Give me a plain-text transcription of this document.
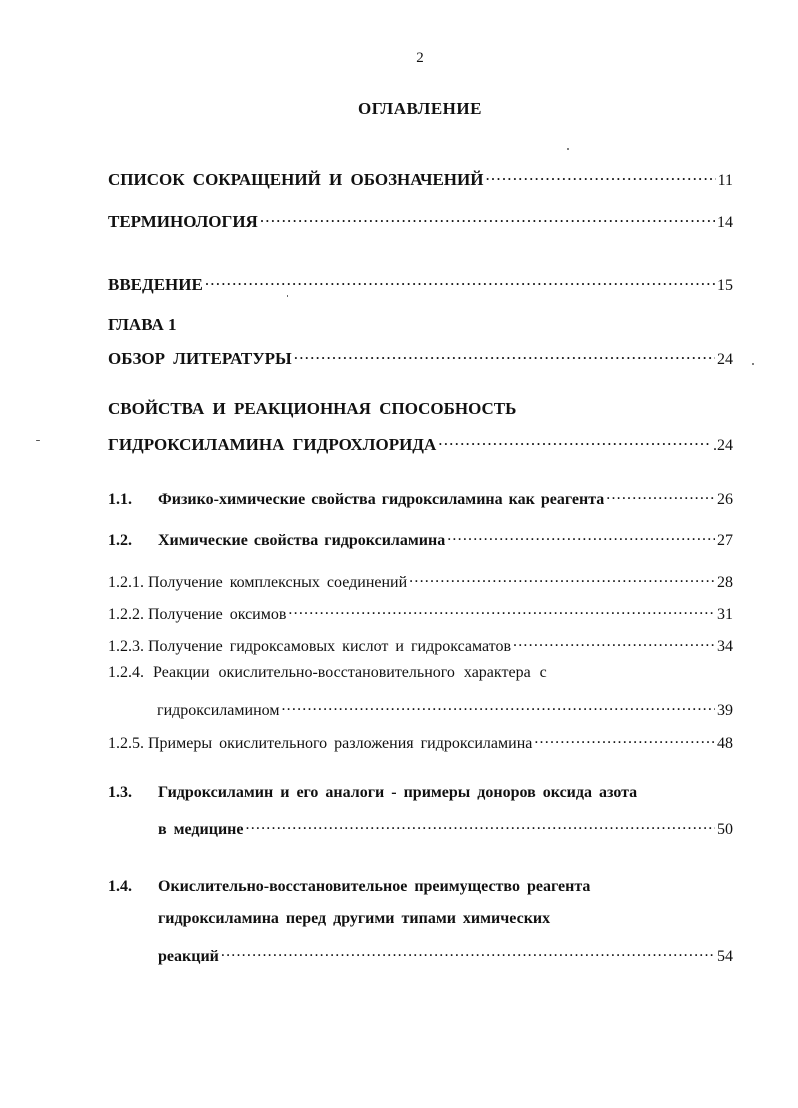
2
ОГЛАВЛЕНИЕ
СПИСОК СОКРАЩЕНИЙ И ОБОЗНАЧЕНИЙ .....	11
ТЕРМИНОЛОГИЯ .....	14
ВВЕДЕНИЕ .....	15
ГЛАВА 1
ОБЗОР ЛИТЕРАТУРЫ .....	24
СВОЙСТВА И РЕАКЦИОННАЯ СПОСОБНОСТЬ
ГИДРОКСИЛАМИНА ГИДРОХЛОРИДА .....	.24
1.1.	Физико-химические свойства гидроксиламина как реагента .....	26
1.2.	Химические свойства гидроксиламина .....	27
1.2.1. Получение комплексных соединений .....	28
1.2.2. Получение оксимов .....	31
1.2.3. Получение гидроксамовых кислот и гидроксаматов .....	34
1.2.4. Реакции окислительно-восстановительного характера с
гидроксиламином .....	39
1.2.5. Примеры окислительного разложения гидроксиламина .....	48
1.3. Гидроксиламин и его аналоги - примеры доноров оксида азота
в медицине .....	50
1.4. Окислительно-восстановительное преимущество реагента
гидроксиламина перед другими типами химических
реакций .....	54
